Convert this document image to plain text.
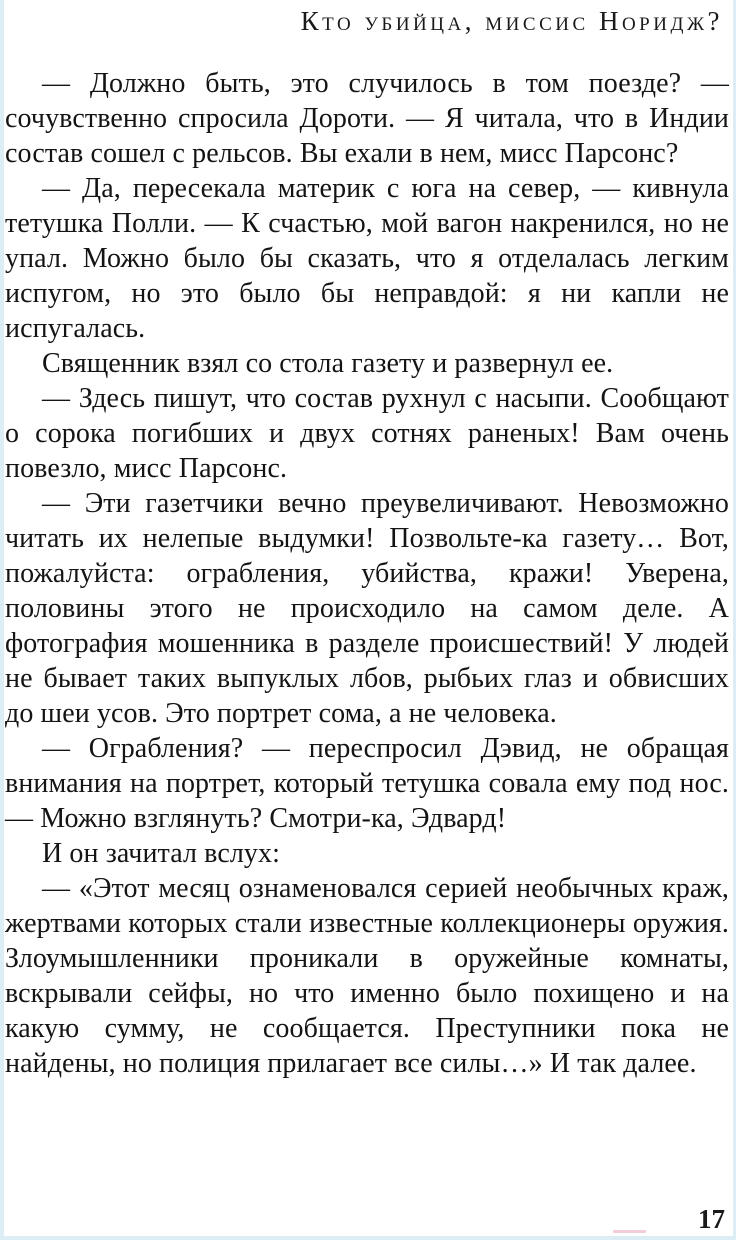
Кто убийца, миссис Норидж?

— Должно быть, это случилось в том поезде? — сочувственно спросила Дороти. — Я читала, что в Индии состав сошел с рельсов. Вы ехали в нем, мисс Парсонс?

— Да, пересекала материк с юга на север, — кивнула тетушка Полли. — К счастью, мой вагон накренился, но не упал. Можно было бы сказать, что я отделалась легким испугом, но это было бы неправдой: я ни капли не испугалась.

Священник взял со стола газету и развернул ее.

— Здесь пишут, что состав рухнул с насыпи. Сообщают о сорока погибших и двух сотнях раненых! Вам очень повезло, мисс Парсонс.

— Эти газетчики вечно преувеличивают. Невозможно читать их нелепые выдумки! Позвольте-ка газету… Вот, пожалуйста: ограбления, убийства, кражи! Уверена, половины этого не происходило на самом деле. А фотография мошенника в разделе происшествий! У людей не бывает таких выпуклых лбов, рыбьих глаз и обвисших до шеи усов. Это портрет сома, а не человека.

— Ограбления? — переспросил Дэвид, не обращая внимания на портрет, который тетушка совала ему под нос. — Можно взглянуть? Смотри-ка, Эдвард!

И он зачитал вслух:

— «Этот месяц ознаменовался серией необычных краж, жертвами которых стали известные коллекционеры оружия. Злоумышленники проникали в оружейные комнаты, вскрывали сейфы, но что именно было похищено и на какую сумму, не сообщается. Преступники пока не найдены, но полиция прилагает все силы…» И так далее.

17
